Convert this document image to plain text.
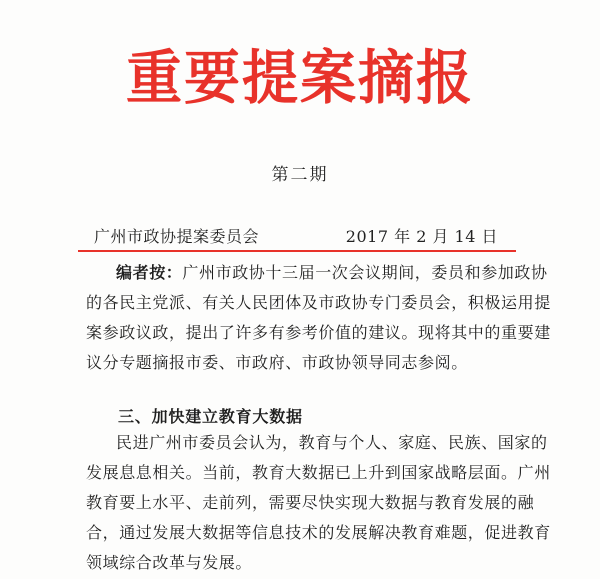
重要提案摘报
第二期
广州市政协提案委员会	2017 年 2 月 14 日
编者按：广州市政协十三届一次会议期间，委员和参加政协
的各民主党派、有关人民团体及市政协专门委员会，积极运用提
案参政议政，提出了许多有参考价值的建议。现将其中的重要建
议分专题摘报市委、市政府、市政协领导同志参阅。
三、加快建立教育大数据
民进广州市委员会认为，教育与个人、家庭、民族、国家的
发展息息相关。当前，教育大数据已上升到国家战略层面。广州
教育要上水平、走前列，需要尽快实现大数据与教育发展的融
合，通过发展大数据等信息技术的发展解决教育难题，促进教育
领域综合改革与发展。
